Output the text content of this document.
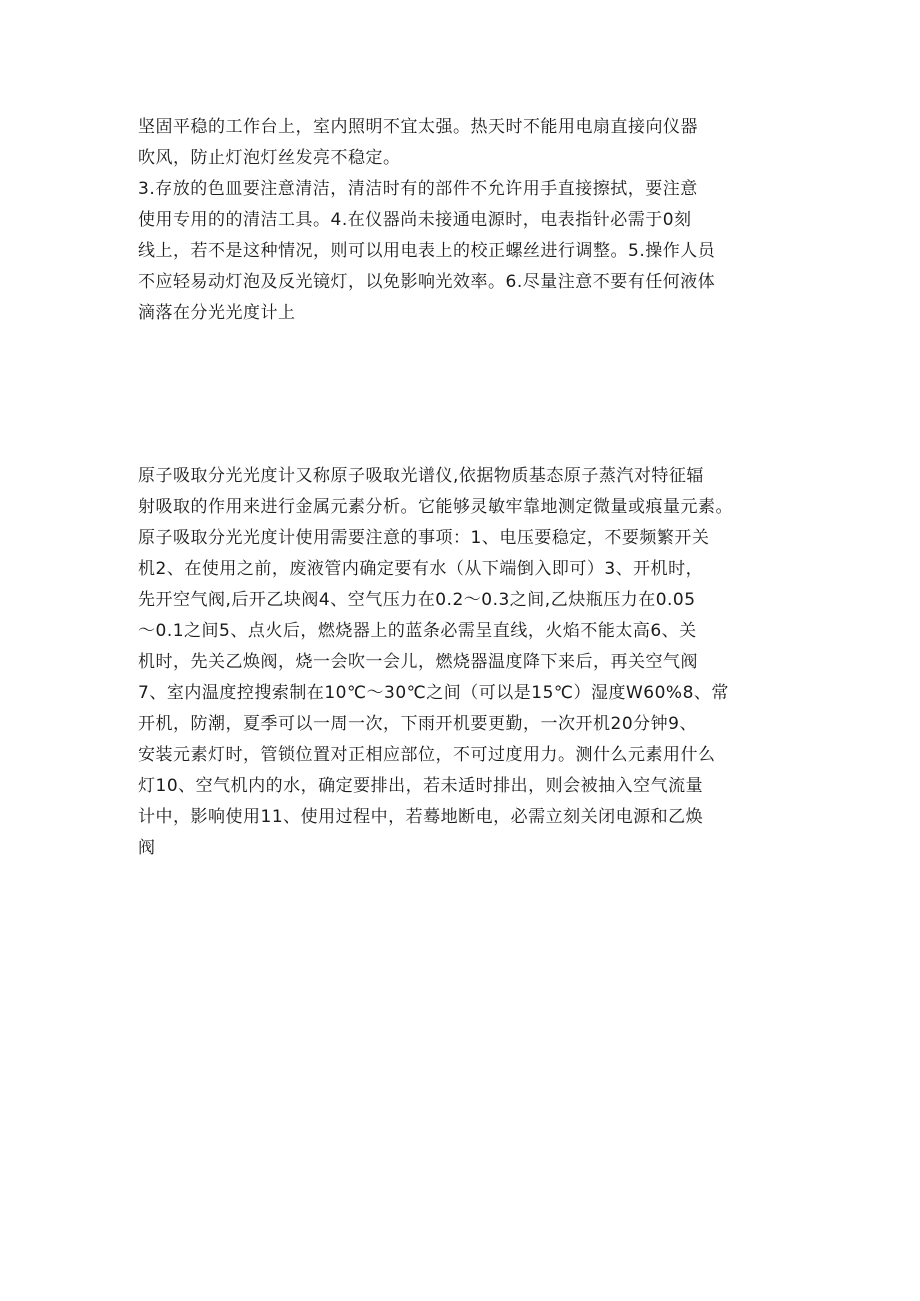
坚固平稳的工作台上，室内照明不宜太强。热天时不能用电扇直接向仪器
吹风，防止灯泡灯丝发亮不稳定。
3.存放的色皿要注意清洁，清洁时有的部件不允许用手直接擦拭，要注意
使用专用的的清洁工具。4.在仪器尚未接通电源时，电表指针必需于0刻
线上，若不是这种情况，则可以用电表上的校正螺丝进行调整。5.操作人员
不应轻易动灯泡及反光镜灯，以免影响光效率。6.尽量注意不要有任何液体
滴落在分光光度计上
原子吸取分光光度计又称原子吸取光谱仪,依据物质基态原子蒸汽对特征辐
射吸取的作用来进行金属元素分析。它能够灵敏牢靠地测定微量或痕量元素。
原子吸取分光光度计使用需要注意的事项：1、电压要稳定，不要频繁开关
机2、在使用之前，废液管内确定要有水（从下端倒入即可）3、开机时，
先开空气阀,后开乙块阀4、空气压力在0.2～0.3之间,乙炔瓶压力在0.05
～0.1之间5、点火后，燃烧器上的蓝条必需呈直线，火焰不能太高6、关
机时，先关乙焕阀，烧一会吹一会儿，燃烧器温度降下来后，再关空气阀
7、室内温度控搜索制在10℃～30℃之间（可以是15℃）湿度W60%8、常
开机，防潮，夏季可以一周一次，下雨开机要更勤，一次开机20分钟9、
安装元素灯时，管锁位置对正相应部位，不可过度用力。测什么元素用什么
灯10、空气机内的水，确定要排出，若未适时排出，则会被抽入空气流量
计中，影响使用11、使用过程中，若蓦地断电，必需立刻关闭电源和乙焕
阀
